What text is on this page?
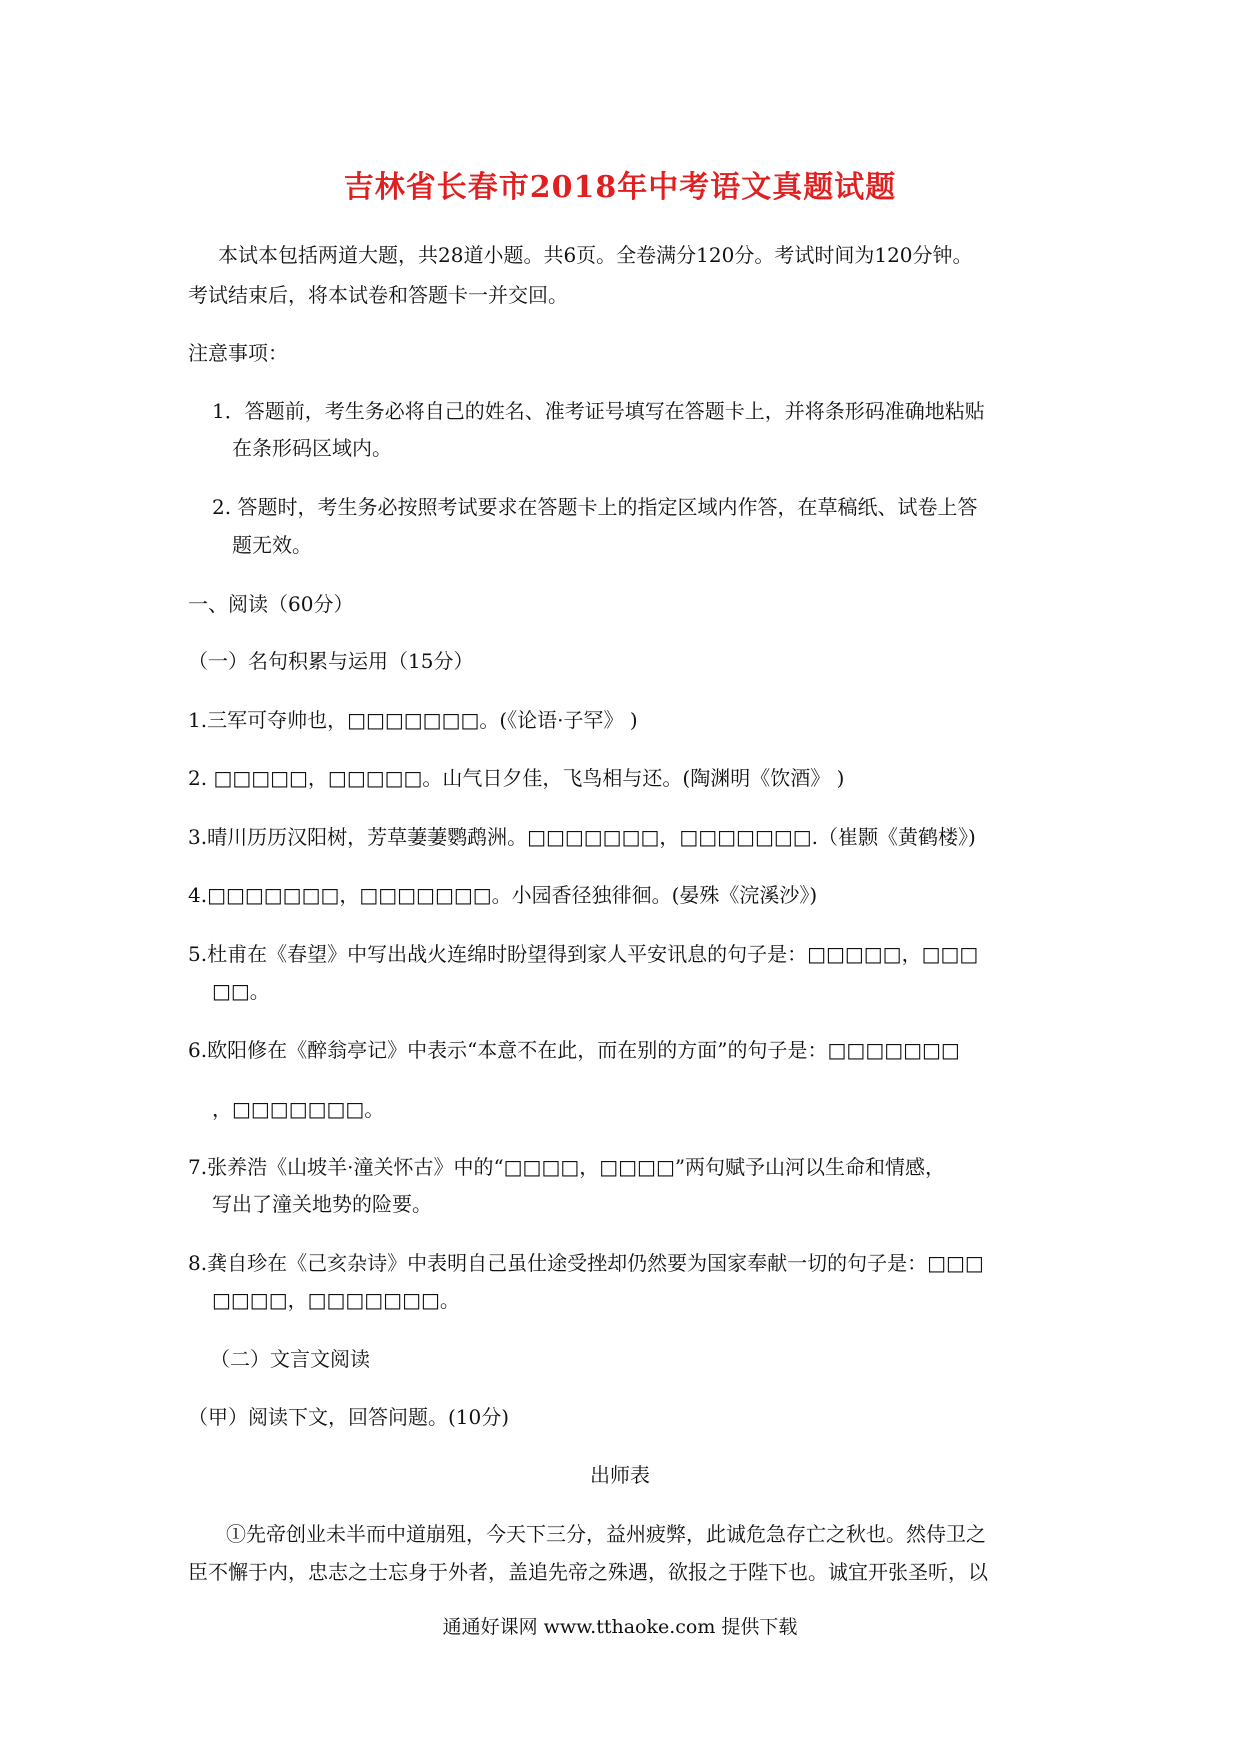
吉林省长春市2018年中考语文真题试题
本试本包括两道大题，共28道小题。共6页。全卷满分120分。考试时间为120分钟。
考试结束后，将本试卷和答题卡一并交回。
注意事项：
1．答题前，考生务必将自己的姓名、准考证号填写在答题卡上，并将条形码准确地粘贴
在条形码区域内。
2. 答题时，考生务必按照考试要求在答题卡上的指定区域内作答，在草稿纸、试卷上答
题无效。
一、阅读（60分）
（一）名句积累与运用（15分）
1.三军可夺帅也，□□□□□□□。(《论语·子罕》 )
2. □□□□□，□□□□□。山气日夕佳，飞鸟相与还。(陶渊明《饮酒》 )
3.晴川历历汉阳树，芳草萋萋鹦鹉洲。□□□□□□□，□□□□□□□.（崔颢《黄鹤楼》)
4.□□□□□□□，□□□□□□□。小园香径独徘徊。(晏殊《浣溪沙》)
5.杜甫在《春望》中写出战火连绵时盼望得到家人平安讯息的句子是：□□□□□，□□□
□□。
6.欧阳修在《醉翁亭记》中表示“本意不在此，而在别的方面”的句子是：□□□□□□□
，□□□□□□□。
7.张养浩《山坡羊·潼关怀古》中的“□□□□，□□□□”两句赋予山河以生命和情感，
写出了潼关地势的险要。
8.龚自珍在《己亥杂诗》中表明自己虽仕途受挫却仍然要为国家奉献一切的句子是：□□□
□□□□，□□□□□□□。
（二）文言文阅读
（甲）阅读下文，回答问题。(10分)
出师表
①先帝创业未半而中道崩殂，今天下三分，益州疲弊，此诚危急存亡之秋也。然侍卫之
臣不懈于内，忠志之士忘身于外者，盖追先帝之殊遇，欲报之于陛下也。诚宜开张圣听，以
通通好课网 www.tthaoke.com 提供下载
